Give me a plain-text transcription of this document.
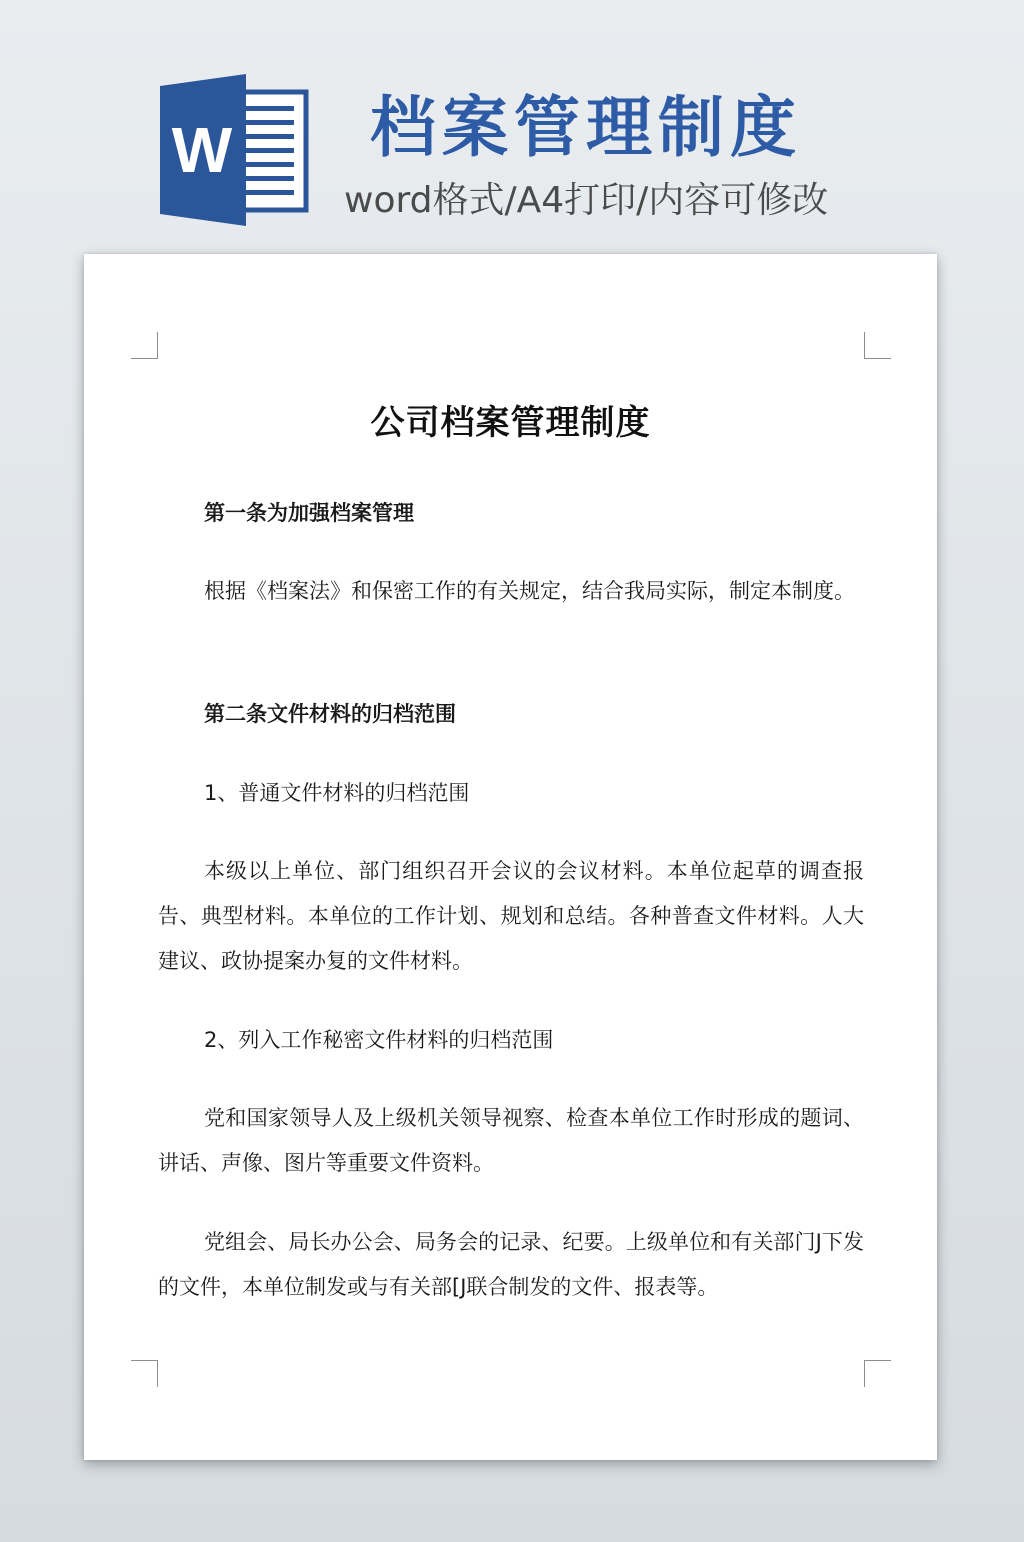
W 档案管理制度
word格式/A4打印/内容可修改
公司档案管理制度

第一条为加强档案管理

根据《档案法》和保密工作的有关规定，结合我局实际，制定本制度。

第二条文件材料的归档范围

1、普通文件材料的归档范围

本级以上单位、部门组织召开会议的会议材料。本单位起草的调查报告、典型材料。本单位的工作计划、规划和总结。各种普查文件材料。人大建议、政协提案办复的文件材料。

2、列入工作秘密文件材料的归档范围

党和国家领导人及上级机关领导视察、检查本单位工作时形成的题词、讲话、声像、图片等重要文件资料。

党组会、局长办公会、局务会的记录、纪要。上级单位和有关部门J下发的文件，本单位制发或与有关部[J联合制发的文件、报表等。
